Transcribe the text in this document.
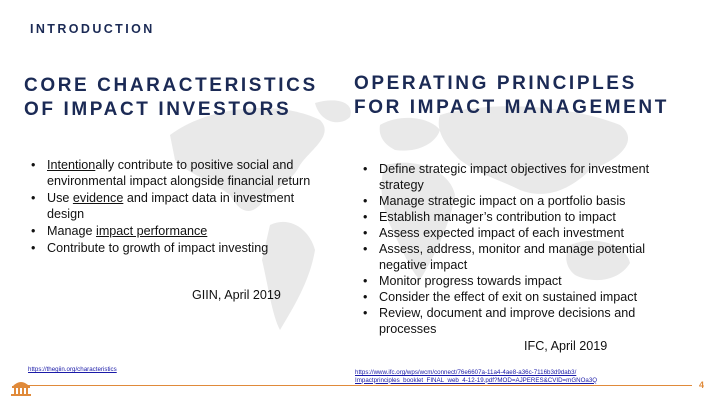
INTRODUCTION
CORE CHARACTERISTICS
OF IMPACT INVESTORS
OPERATING PRINCIPLES
FOR IMPACT MANAGEMENT
• Intentionally contribute to positive social and environmental impact alongside financial return
• Use evidence and impact data in investment design
• Manage impact performance
• Contribute to growth of impact investing
GIIN, April 2019
• Define strategic impact objectives for investment strategy
• Manage strategic impact on a portfolio basis
• Establish manager’s contribution to impact
• Assess expected impact of each investment
• Assess, address, monitor and manage potential negative impact
• Monitor progress towards impact
• Consider the effect of exit on sustained impact
• Review, document and improve decisions and processes
IFC, April 2019
https://thegiin.org/characteristics	https://www.ifc.org/wps/wcm/connect/76e6607a-11a4-4ae8-a36c-7116b3d9dab3/
Impactprinciples_booklet_FINAL_web_4-12-19.pdf?MOD=AJPERES&CVID=mGNOa3Q	4
